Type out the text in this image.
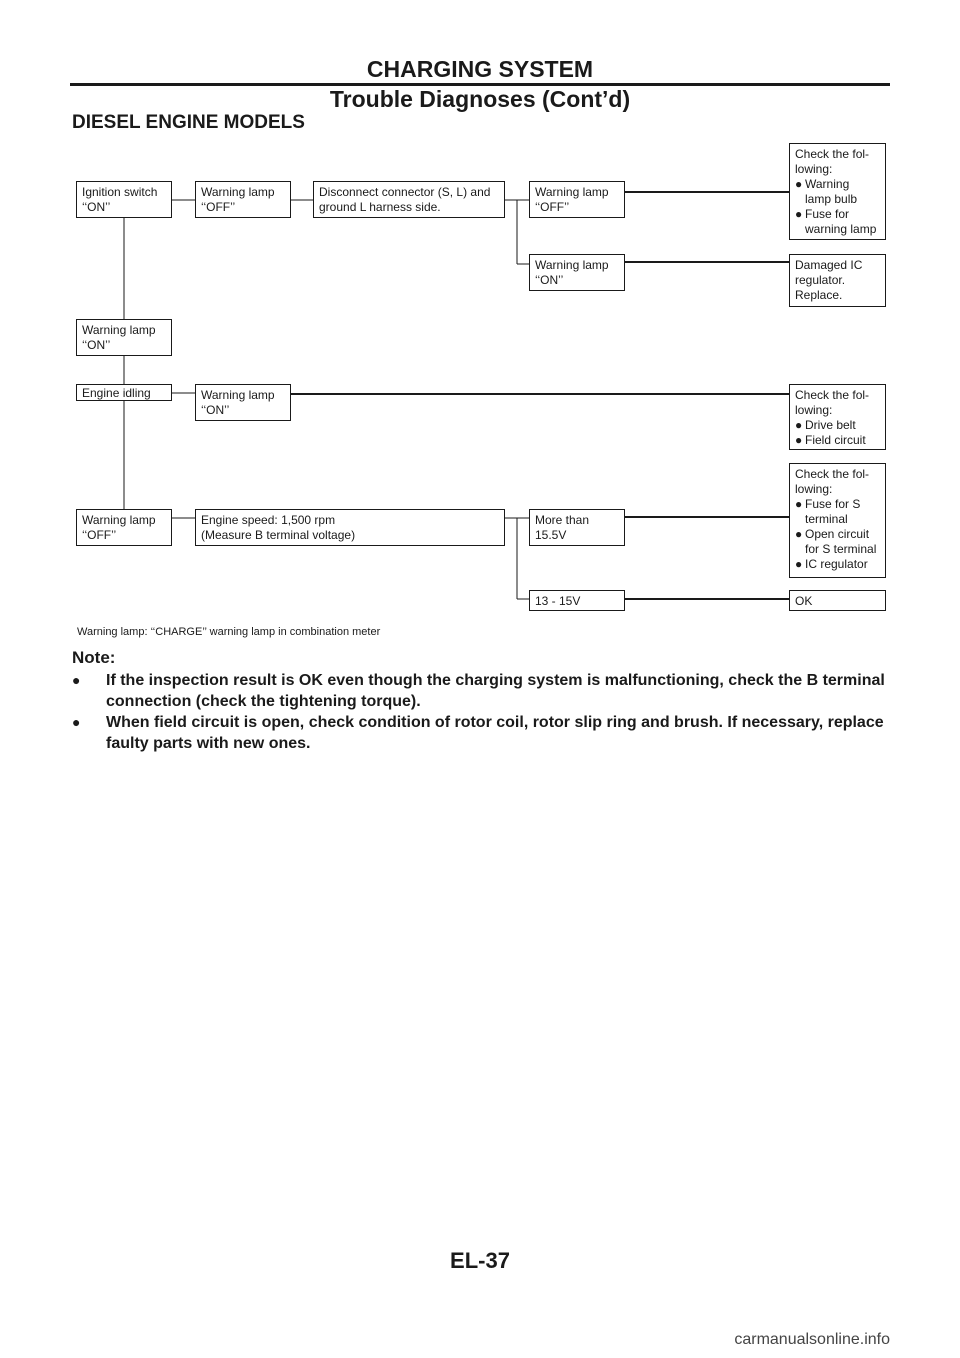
CHARGING SYSTEM
Trouble Diagnoses (Cont’d)
DIESEL ENGINE MODELS
Ignition switch
‘‘ON’’
Warning lamp
‘‘OFF’’
Disconnect connector (S, L) and
ground L harness side.
Warning lamp
‘‘OFF’’
Check the fol-
lowing:
● Warning
lamp bulb
● Fuse for
warning lamp
Warning lamp
‘‘ON’’
Damaged IC
regulator.
Replace.
Warning lamp
‘‘ON’’
Engine idling	Warning lamp
‘‘ON’’
Check the fol-
lowing:
● Drive belt
● Field circuit
Check the fol-
lowing:
● Fuse for S
terminal
● Open circuit
for S terminal
● IC regulator
Warning lamp
‘‘OFF’’
Engine speed: 1,500 rpm
(Measure B terminal voltage)
More than
15.5V
13 - 15V	OK
Warning lamp: ‘‘CHARGE’’ warning lamp in combination meter
Note:
● If the inspection result is OK even though the charging system is malfunctioning, check the B terminal connection (check the tightening torque).
● When field circuit is open, check condition of rotor coil, rotor slip ring and brush. If necessary, replace faulty parts with new ones.
EL-37
carmanualsonline.info
